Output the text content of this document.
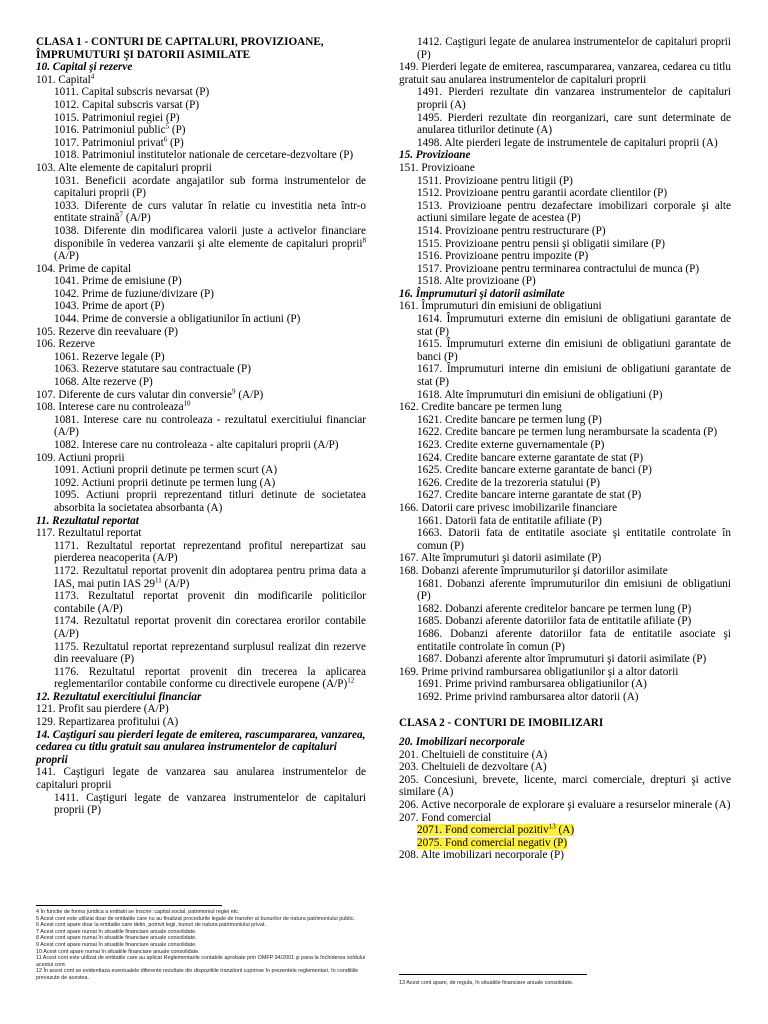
CLASA 1 - CONTURI DE CAPITALURI, PROVIZIOANE, ÎMPRUMUTURI ŞI DATORII ASIMILATE
10. Capital şi rezerve
101. Capital$^4$
1011. Capital subscris nevarsat (P)
1012. Capital subscris varsat (P)
1015. Patrimoniul regiei (P)
1016. Patrimoniul public$^5$ (P)
1017. Patrimoniul privat$^6$ (P)
1018. Patrimoniul institutelor nationale de cercetare-dezvoltare (P)
103. Alte elemente de capitaluri proprii
1031. Beneficii acordate angajatilor sub forma instrumentelor de capitaluri proprii (P)
1033. Diferente de curs valutar în relatie cu investitia neta într-o entitate straină$^7$ (A/P)
1038. Diferente din modificarea valorii juste a activelor financiare disponibile în vederea vanzarii şi alte elemente de capitaluri proprii$^8$ (A/P)
104. Prime de capital
1041. Prime de emisiune (P)
1042. Prime de fuziune/divizare (P)
1043. Prime de aport (P)
1044. Prime de conversie a obligatiunilor în actiuni (P)
105. Rezerve din reevaluare (P)
106. Rezerve
1061. Rezerve legale (P)
1063. Rezerve statutare sau contractuale (P)
1068. Alte rezerve (P)
107. Diferente de curs valutar din conversie$^9$ (A/P)
108. Interese care nu controleaza$^{10}$
1081. Interese care nu controleaza - rezultatul exercitiului financiar (A/P)
1082. Interese care nu controleaza - alte capitaluri proprii (A/P)
109. Actiuni proprii
1091. Actiuni proprii detinute pe termen scurt (A)
1092. Actiuni proprii detinute pe termen lung (A)
1095. Actiuni proprii reprezentand titluri detinute de societatea absorbita la societatea absorbanta (A)
11. Rezultatul reportat
117. Rezultatul reportat
1171. Rezultatul reportat reprezentand profitul nerepartizat sau pierderea neacoperita (A/P)
1172. Rezultatul reportat provenit din adoptarea pentru prima data a IAS, mai putin IAS $29^{11}$ (A/P)
1173. Rezultatul reportat provenit din modificarile politicilor contabile (A/P)
1174. Rezultatul reportat provenit din corectarea erorilor contabile (A/P)
1175. Rezultatul reportat reprezentand surplusul realizat din rezerve din reevaluare (P)
1176. Rezultatul reportat provenit din trecerea la aplicarea reglementarilor contabile conforme cu directivele europene $(A/P)^{12}$
12. Rezultatul exercitiului financiar
121. Profit sau pierdere (A/P)
129. Repartizarea profitului (A)
14. Caştiguri sau pierderi legate de emiterea, rascumpararea, vanzarea, cedarea cu titlu gratuit sau anularea instrumentelor de capitaluri proprii
141. Caştiguri legate de vanzarea sau anularea instrumentelor de capitaluri proprii
1411. Caştiguri legate de vanzarea instrumentelor de capitaluri proprii (P)
1412. Caştiguri legate de anularea instrumentelor de capitaluri proprii (P)
149. Pierderi legate de emiterea, rascumpararea, vanzarea, cedarea cu titlu gratuit sau anularea instrumentelor de capitaluri proprii
1491. Pierderi rezultate din vanzarea instrumentelor de capitaluri proprii (A)
1495. Pierderi rezultate din reorganizari, care sunt determinate de anularea titlurilor detinute (A)
1498. Alte pierderi legate de instrumentele de capitaluri proprii (A)
15. Provizioane
151. Provizioane
1511. Provizioane pentru litigii (P)
1512. Provizioane pentru garantii acordate clientilor (P)
1513. Provizioane pentru dezafectare imobilizari corporale şi alte actiuni similare legate de acestea (P)
1514. Provizioane pentru restructurare (P)
1515. Provizioane pentru pensii şi obligatii similare (P)
1516. Provizioane pentru impozite (P)
1517. Provizioane pentru terminarea contractului de munca (P)
1518. Alte provizioane (P)
16. Împrumuturi şi datorii asimilate
161. Împrumuturi din emisiuni de obligatiuni
1614. Împrumuturi externe din emisiuni de obligatiuni garantate de stat (P)
1615. Împrumuturi externe din emisiuni de obligatiuni garantate de banci (P)
1617. Împrumuturi interne din emisiuni de obligatiuni garantate de stat (P)
1618. Alte împrumuturi din emisiuni de obligatiuni (P)
162. Credite bancare pe termen lung
1621. Credite bancare pe termen lung (P)
1622. Credite bancare pe termen lung nerambursate la scadenta (P)
1623. Credite externe guvernamentale (P)
1624. Credite bancare externe garantate de stat (P)
1625. Credite bancare externe garantate de banci (P)
1626. Credite de la trezoreria statului (P)
1627. Credite bancare interne garantate de stat (P)
166. Datorii care privesc imobilizarile financiare
1661. Datorii fata de entitatile afiliate (P)
1663. Datorii fata de entitatile asociate şi entitatile controlate în comun (P)
167. Alte împrumuturi şi datorii asimilate (P)
168. Dobanzi aferente împrumuturilor şi datoriilor asimilate
1681. Dobanzi aferente împrumuturilor din emisiuni de obligatiuni (P)
1682. Dobanzi aferente creditelor bancare pe termen lung (P)
1685. Dobanzi aferente datoriilor fata de entitatile afiliate (P)
1686. Dobanzi aferente datoriilor fata de entitatile asociate şi entitatile controlate în comun (P)
1687. Dobanzi aferente altor împrumuturi şi datorii asimilate (P)
169. Prime privind rambursarea obligatiunilor şi a altor datorii
1691. Prime privind rambursarea obligatiunilor (A)
1692. Prime privind rambursarea altor datorii (A)
CLASA 2 - CONTURI DE IMOBILIZARI
20. Imobilizari necorporale
201. Cheltuieli de constituire (A)
203. Cheltuieli de dezvoltare (A)
205. Concesiuni, brevete, licente, marci comerciale, drepturi şi active similare (A)
206. Active necorporale de explorare şi evaluare a resurselor minerale (A)
207. Fond comercial
2071. Fond comercial pozitiv$^{13}$ (A)
2075. Fond comercial negativ (P)
208. Alte imobilizari necorporale (P)
4 În functie de forma juridica a entitatii se înscrie: capital social, patrimoniul regiei etc.
5 Acest cont este utilizat doar de entitatile care nu au finalizat procedurile legale de transfer al bunurilor de natura patrimoniului public.
6 Acest cont apare doar la entitatile care detin, potrivit legii, bunuri de natura patrimoniului privat.
7 Acest cont apare numai în situatiile financiare anuale consolidate.
8 Acest cont apare numai în situatiile financiare anuale consolidate.
9 Acest cont apare numai în situatiile financiare anuale consolidate.
10 Acest cont apare numai în situatiile financiare anuale consolidate.
11 Acest cont este utilizat de entitatile care au aplicat Reglementarile contabile aprobate prin OMFP 94/2001 şi pana la închiderea soldului acestui cont.
12 În acest cont se evidentiaza eventualele diferente rezultate din dispozitiile tranzitorii cuprinse în prezentele reglementari, în conditiile prevazute de acestea.
13 Acest cont apare, de regula, în situatiile financiare anuale consolidate.
